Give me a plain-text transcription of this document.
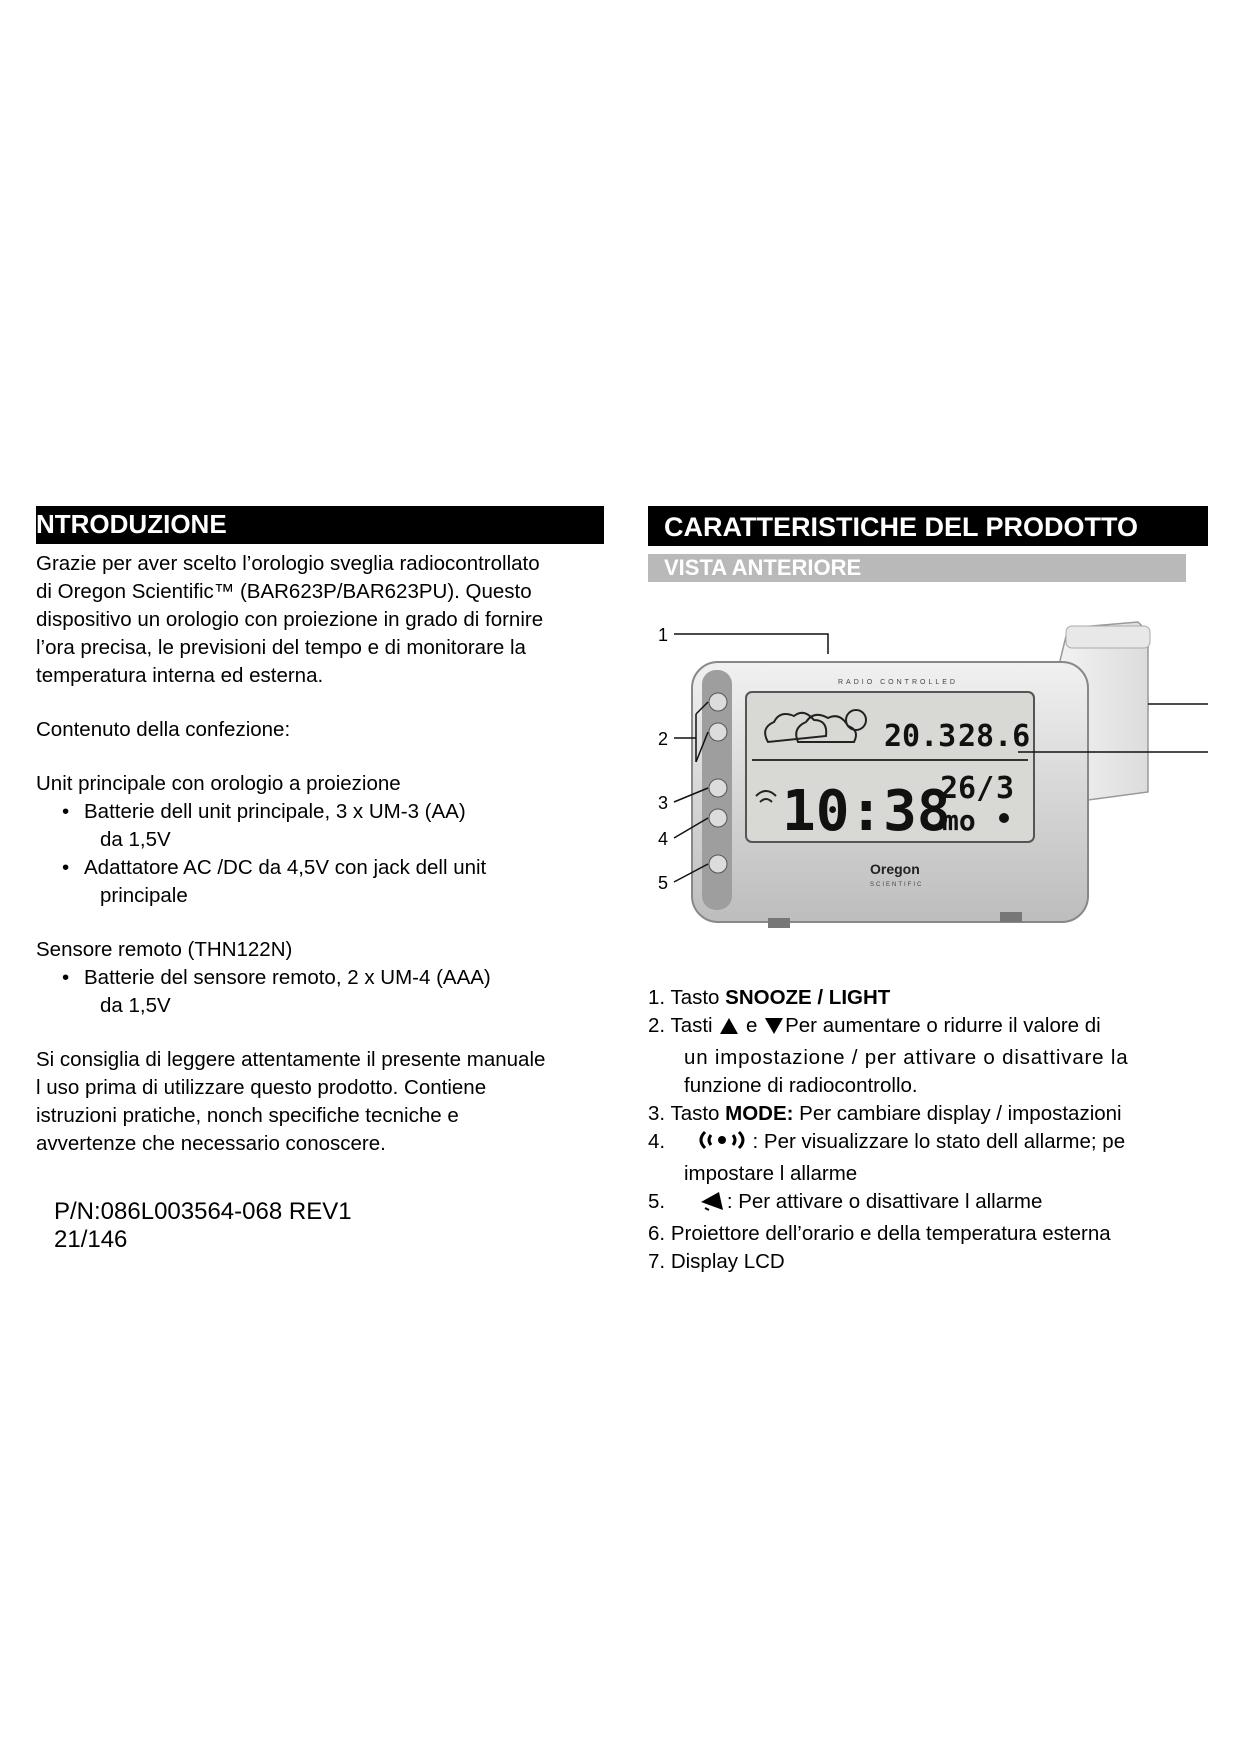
NTRODUZIONE
Grazie per aver scelto l’orologio sveglia radiocontrollato
di Oregon Scientific™ (BAR623P/BAR623PU). Questo
dispositivo un orologio con proiezione in grado di fornire
l’ora precisa, le previsioni del tempo e di monitorare la
temperatura interna ed esterna.
Contenuto della confezione:
Unit principale con orologio a proiezione
• Batterie dell unit principale, 3 x UM-3 (AA)
da 1,5V
• Adattatore AC /DC da 4,5V con jack dell unit
principale
Sensore remoto (THN122N)
• Batterie del sensore remoto, 2 x UM-4 (AAA)
da 1,5V
Si consiglia di leggere attentamente il presente manuale
l uso prima di utilizzare questo prodotto. Contiene
istruzioni pratiche, nonch specifiche tecniche e
avvertenze che necessario conoscere.
P/N:086L003564-068 REV1
21/146
CARATTERISTICHE DEL PRODOTTO
VISTA ANTERIORE
RADIO CONTROLLED
20.3 28.6
10:38
26/
mo
3
Oregon
SCIENTIFIC
1
2
3
4
5
1. Tasto SNOOZE / LIGHT
2. Tasti e Per aumentare o ridurre il valore di
un impostazione / per attivare o disattivare la
funzione di radiocontrollo.
3. Tasto MODE: Per cambiare display / impostazioni
4.	: Per visualizzare lo stato dell allarme; pe
impostare l allarme
5.	: Per attivare o disattivare l allarme
6. Proiettore dell’orario e della temperatura esterna
7. Display LCD
